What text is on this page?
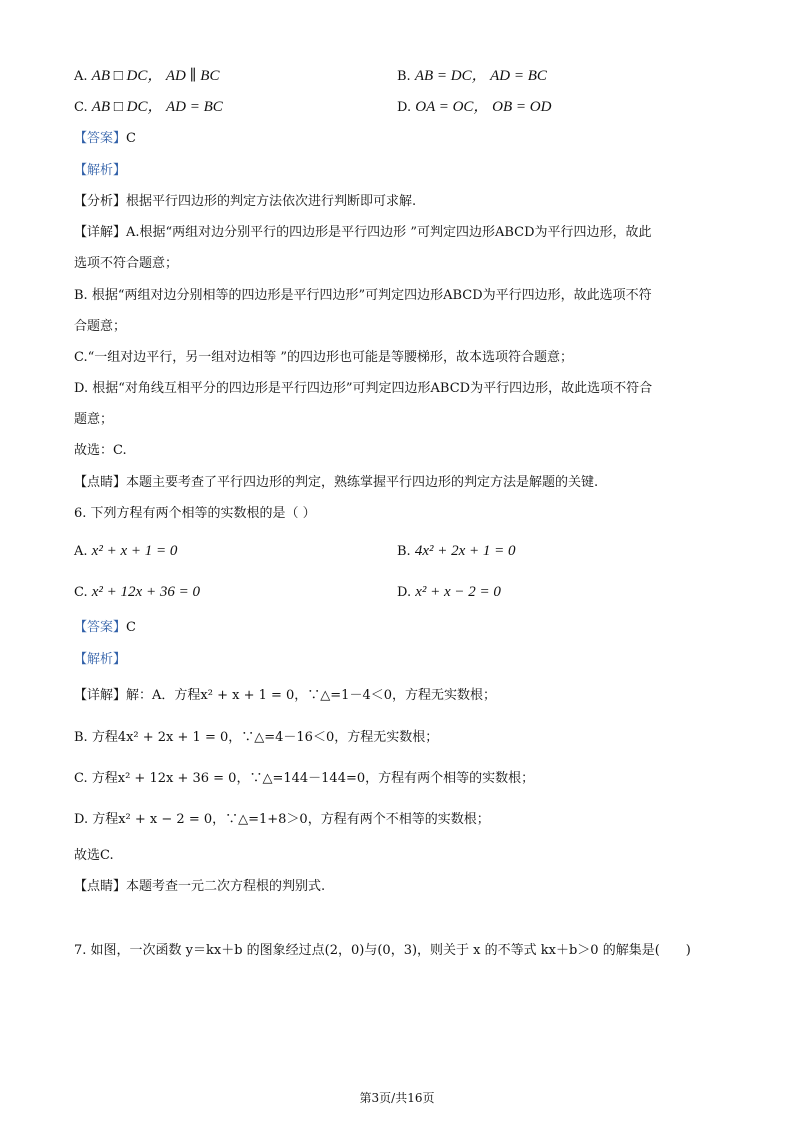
A. AB □ DC， AD ∥ BC	B. AB = DC， AD = BC
C. AB □ DC， AD = BC	D. OA = OC， OB = OD
【答案】C
【解析】
【分析】根据平行四边形的判定方法依次进行判断即可求解.
【详解】A.根据“两组对边分别平行的四边形是平行四边形 ”可判定四边形ABCD为平行四边形，故此
选项不符合题意；
B. 根据“两组对边分别相等的四边形是平行四边形”可判定四边形ABCD为平行四边形，故此选项不符
合题意；
C.“一组对边平行，另一组对边相等 ”的四边形也可能是等腰梯形，故本选项符合题意；
D. 根据“对角线互相平分的四边形是平行四边形”可判定四边形ABCD为平行四边形，故此选项不符合
题意；
故选：C.
【点睛】本题主要考查了平行四边形的判定，熟练掌握平行四边形的判定方法是解题的关键.
6. 下列方程有两个相等的实数根的是（ ）
A. x² + x + 1 = 0	B. 4x² + 2x + 1 = 0
C. x² + 12x + 36 = 0	D. x² + x − 2 = 0
【答案】C
【解析】
【详解】解：A．方程x² + x + 1 = 0，∵△=1－4＜0，方程无实数根；
B. 方程4x² + 2x + 1 = 0，∵△=4－16＜0，方程无实数根；
C. 方程x² + 12x + 36 = 0，∵△=144－144=0，方程有两个相等的实数根；
D. 方程x² + x − 2 = 0，∵△=1+8＞0，方程有两个不相等的实数根；
故选C.
【点睛】本题考查一元二次方程根的判别式.
7. 如图，一次函数 y＝kx＋b 的图象经过点(2，0)与(0，3)，则关于 x 的不等式 kx＋b＞0 的解集是(　　)
第3页/共16页
